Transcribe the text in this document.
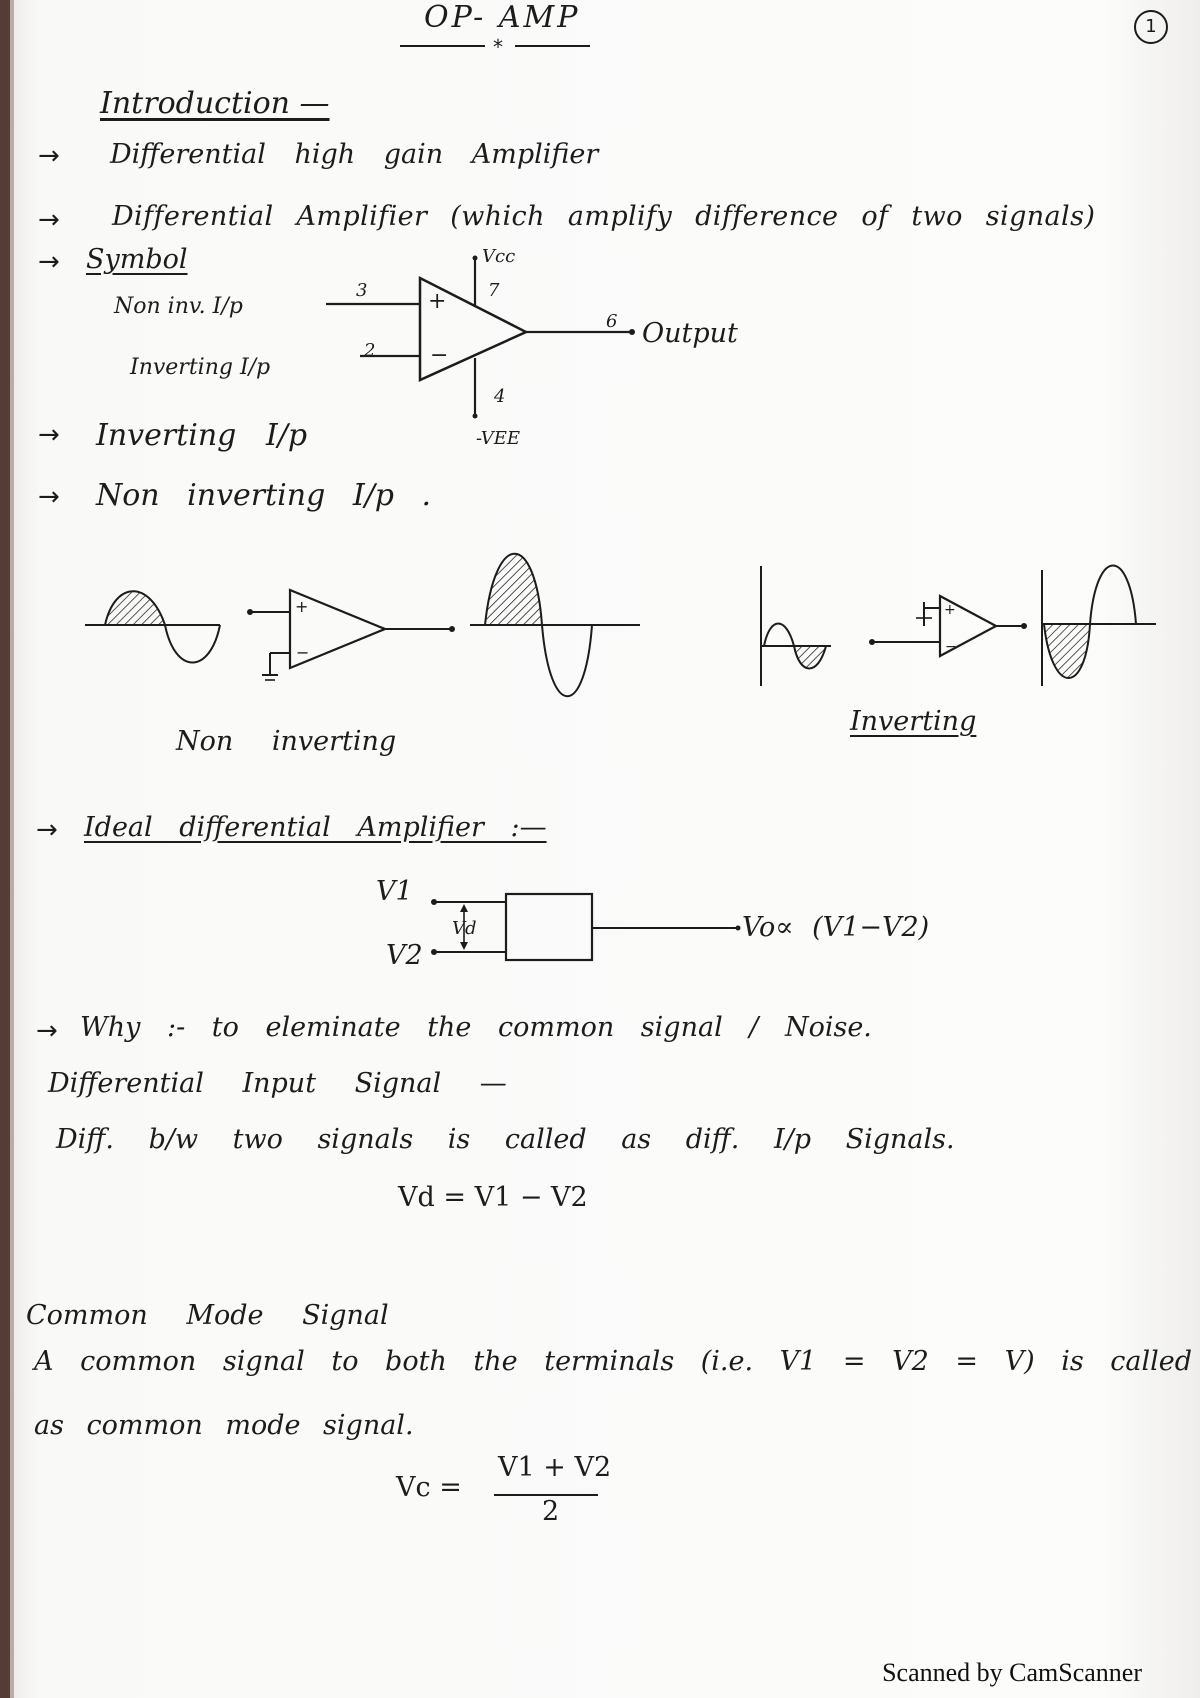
OP- AMP
*
1
Introduction —
→ Differential high gain Amplifier
→ Differential Amplifier (which amplify difference of two signals)
→ Symbol
Non inv. I/p
Inverting I/p
+
−
3
2
7
4
6
Vcc
-VEE
Output
→ Inverting I/p
→ Non inverting I/p .
+
−
Non inverting
+
−
Inverting
→ Ideal differential Amplifier :—
V1
V2
Vd	Vo∝ (V1−V2)
→ Why :- to eleminate the common signal / Noise.
Differential Input Signal —
Diff. b/w two signals is called as diff. I/p Signals.
Vd = V1 − V2
Common Mode Signal
A common signal to both the terminals (i.e. V1 = V2 = V) is called
as common mode signal.
Vc =
V1 + V2
2
Scanned by CamScanner
